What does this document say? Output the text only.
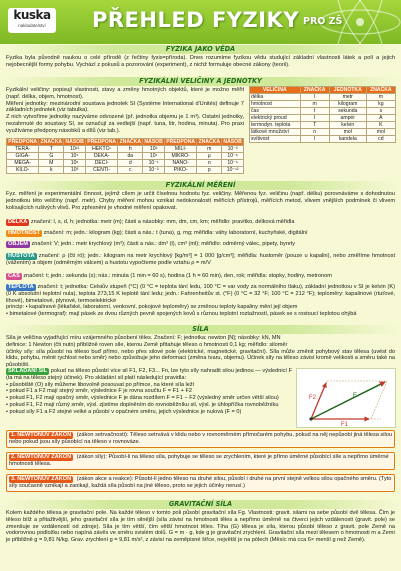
kuska
nakladatelství	PŘEHLED FYZIKY PRO ZŠ
FYZIKA JAKO VĚDA
Fyzika byla původně naukou o celé přírodě (z řečtiny fysis=příroda). Dnes rozumíme fyzikou vědu studující základní vlastnosti látek a polí a jejich nejobecnější formy pohybu. Vychází z pokusů a pozorování (experiment), z nichž formuluje obecné zákony (teorii).
FYZIKÁLNÍ VELIČINY A JEDNOTKY
Fyzikální veličiny: popisují vlastnosti, stavy a změny hmotných objektů, které je možno měřit (např. délka, objem, hmotnost).
Měření jednotky: mezinárodní soustava jednotek SI (Système International d'Unités) definuje 7 základních jednotek (viz tabulka).
Z nich vytvoříme jednotky nazýváme odvozené (př. jednotka objemu je 1 m³). Ostatní jednotky, nezahrnuté do soustavy SI, se označují za vedlejší (např. tuna, litr, hodina, minuta). Pro praxi využíváme předpony násobků a dílů (viz tab.).
VELIČINA	ZNAČKA	JEDNOTKA	ZNAČKA
délka	l	metr	m
hmotnost	m	kilogram	kg
čas	t	sekunda	s
elektrický proud	I	ampér	A
termodyn. teplota	T	kelvin	K
látkové množství	n	mol	mol
svítivost	I	kandela	cd
PŘEDPONA	ZNAČKA	NÁSOB	PŘEDPONA	ZNAČKA	NÁSOB	PŘEDPONA	ZNAČKA	NÁSOB
TERA-	T	10¹²	HEKTO-	h	10²	MILI-	m	10⁻³
GIGA-	G	10⁹	DEKA-	da	10¹	MIKRO-	μ	10⁻⁶
MEGA-	M	10⁶	DECI-	d	10⁻¹	NANO-	n	10⁻⁹
KILO-	k	10³	CENTI-	c	10⁻²	PIKO-	p	10⁻¹²
FYZIKÁLNÍ MĚŘENÍ
Fyz. měření je experimentální činnost, jejímž cílem je určit číselnou hodnotu fyz. veličiny. Měřenou fyz. veličinu (např. délku) porovnáváme s dohodnutou jednotkou této veličiny (např. metr). Chyby měření mohou vznikat nedokonalostí měřicích přístrojů, měřících metod, vlivem vnějších podmínek či vlivem kolísajících rušivých vlivů. Pro zpřesnění je vhodné měření opakovat.
DÉLKA značení: l, s, d, h; jednotka: metr (m); části a násobky: mm, dm, cm, km; měřidlo: pravítko, délková měřidla
HMOTNOST značení: m; jedn.: kilogram (kg); části a nás.: t (tuna), g, mg; měřidla: váhy laboratorní, kuchyňské, digitální
OBJEM značení: V; jedn.: metr krychlový (m³); části a nás.: dm³ (l), cm³ (ml); měřidlo: odměrný válec, pipety, byrety
HUSTOTA značení: ρ (čti ró); jedn.: kilogram na metr krychlový [kg/m³] = 1 000 [g/cm³]; měřidla: hustoměr (pouze u kapalin), nebo změříme hmotnost (vážením) a objem (odměrným válcem) a hustotu vypočteme podle vztahu ρ = m/V
ČAS značení: t; jedn.: sekunda (s); nás.: minuta (1 min = 60 s), hodina (1 h = 60 min), den, rok; měřidla: stopky, hodiny, metronom
TEPLOTA značení: t; jednotka: Celsiův stupeň (°C) (0 °C = teplota tání ledu, 100 °C = var vody za normálního tlaku), základní jednotkou v SI je kelvin (K) (0 K absolutní teplotní nula), teplota 273,15 K teplotě tání ledu; jedn.: Fahrenheitův st. (°F) (0 °C = 32 °F; 100 °C = 212 °F); teploměry: kapalinové (rtuťové, lihové), bimetalové, plynové, termoelektrické
princip: • kapalinové (lékařské, laboratorní, venkovní, pokojové teploměry) se změnou teploty kapaliny mění její objem
• bimetalové (termograf): mají pásek ze dvou různých pevně spojených kovů s různou teplotní roztažností, pásek se s rostoucí teplotou ohýbá
SÍLA
Síla je veličina vyjadřující míru vzájemného působení těles. Značení: F; jednotka: newton [N]; násobky: kN, MN
definice: 1 Newton (čti nutn) přibližně roven síle, kterou Země přitahuje těleso o hmotnosti 0,1 kg; měřidlo: siloměr
účinky síly: síla působí na těleso buď přímo, nebo přes silové pole (elektrické, magnetické, gravitační). Síla může změnit pohybový stav tělesa (uvést do klidu, pohybu, měnit rychlost nebo směr) nebo způsobuje jeho deformaci (změna tvaru, objemu). Účinek síly na těleso závisí kromě velikosti a směru také na působišti.
SKLÁDÁNÍ SIL pokud na těleso působí více sil F1, F2, F3... Fn, lze tyto síly nahradit silou jedinou — výslednicí F (ta má na těleso stejný účinek). Pro skládání sil platí následující pravidla:
• působiště (O) síly můžeme libovolně posouvat po přímce, na které síla leží
• pokud F1 a F2 mají stejný směr, výslednice F je rovna součtu F = F1 + F2
• pokud F1, F2 mají opačný směr, výslednice F je dána rozdílem F = F1 − F2 (výsledný směr určen větší silou)
• pokud F1, F2 mají různý směr, výsl. zjistíme doplněním do rovnoběžníku sil, výsl. je úhlopříčka rovnoběžníku
• pokud síly F1 a F2 stejné velké a působí v opačném směru, jejich výslednice je nulová (F = 0)
F1
F2	F
1. NEWTONŮV ZÁKON (zákon setrvačnosti): Těleso setrvává v klidu nebo v rovnoměrném přímočarém pohybu, pokud na něj nepůsobí jiná tělesa silou nebo pokud jsou síly působící na těleso v rovnováze.
2. NEWTONŮV ZÁKON (zákon síly): Působí-li na těleso síla, pohybuje se těleso se zrychlením, které je přímo úměrné působící síle a nepřímo úměrné hmotnosti tělesa.
3. NEWTONŮV ZÁKON (zákon akce a reakce): Působí-li jedno těleso na druhé silou, působí i druhé na první stejně velkou silou opačného směru. (Tyto síly současně vznikají a zanikají, každá síla působí na jiné těleso, proto se jejich účinky nerusí.)
GRAVITAČNÍ SÍLA
Kolem každého tělesa je gravitační pole. Na každé těleso v tomto poli působí gravitační síla Fg. Vlastnosti: gravit. silami na sebe působí dvě tělesa. Čím je těleso blíž a přitažlivější, jeho gravitační síla je tím silnější (síla závisí na hmotnosti těles a nepřímo úměrně na čtverci jejich vzdálenosti (gravit. pole) se zmenšuje se vzdáleností od zdroje). Síla je tím větší, čím větší hmotnost těles. Tíha (G) tělesa je síla, kterou působí těleso z gravit. pole Země na vodorovnou podložku nebo napíná závěs ve směru svislém dolů. G = m · g, kde g je gravitační zrychlení. Gravitační síla mezi tělesem o hmotnosti m a Zemí je přibližně g = 9,81 N/kg. Grav. zrychlení g = 9,81 m/s², z závisí na zeměpisné šířce, největší je na pólech (Měsíc má cca 6× menší g než Země).
